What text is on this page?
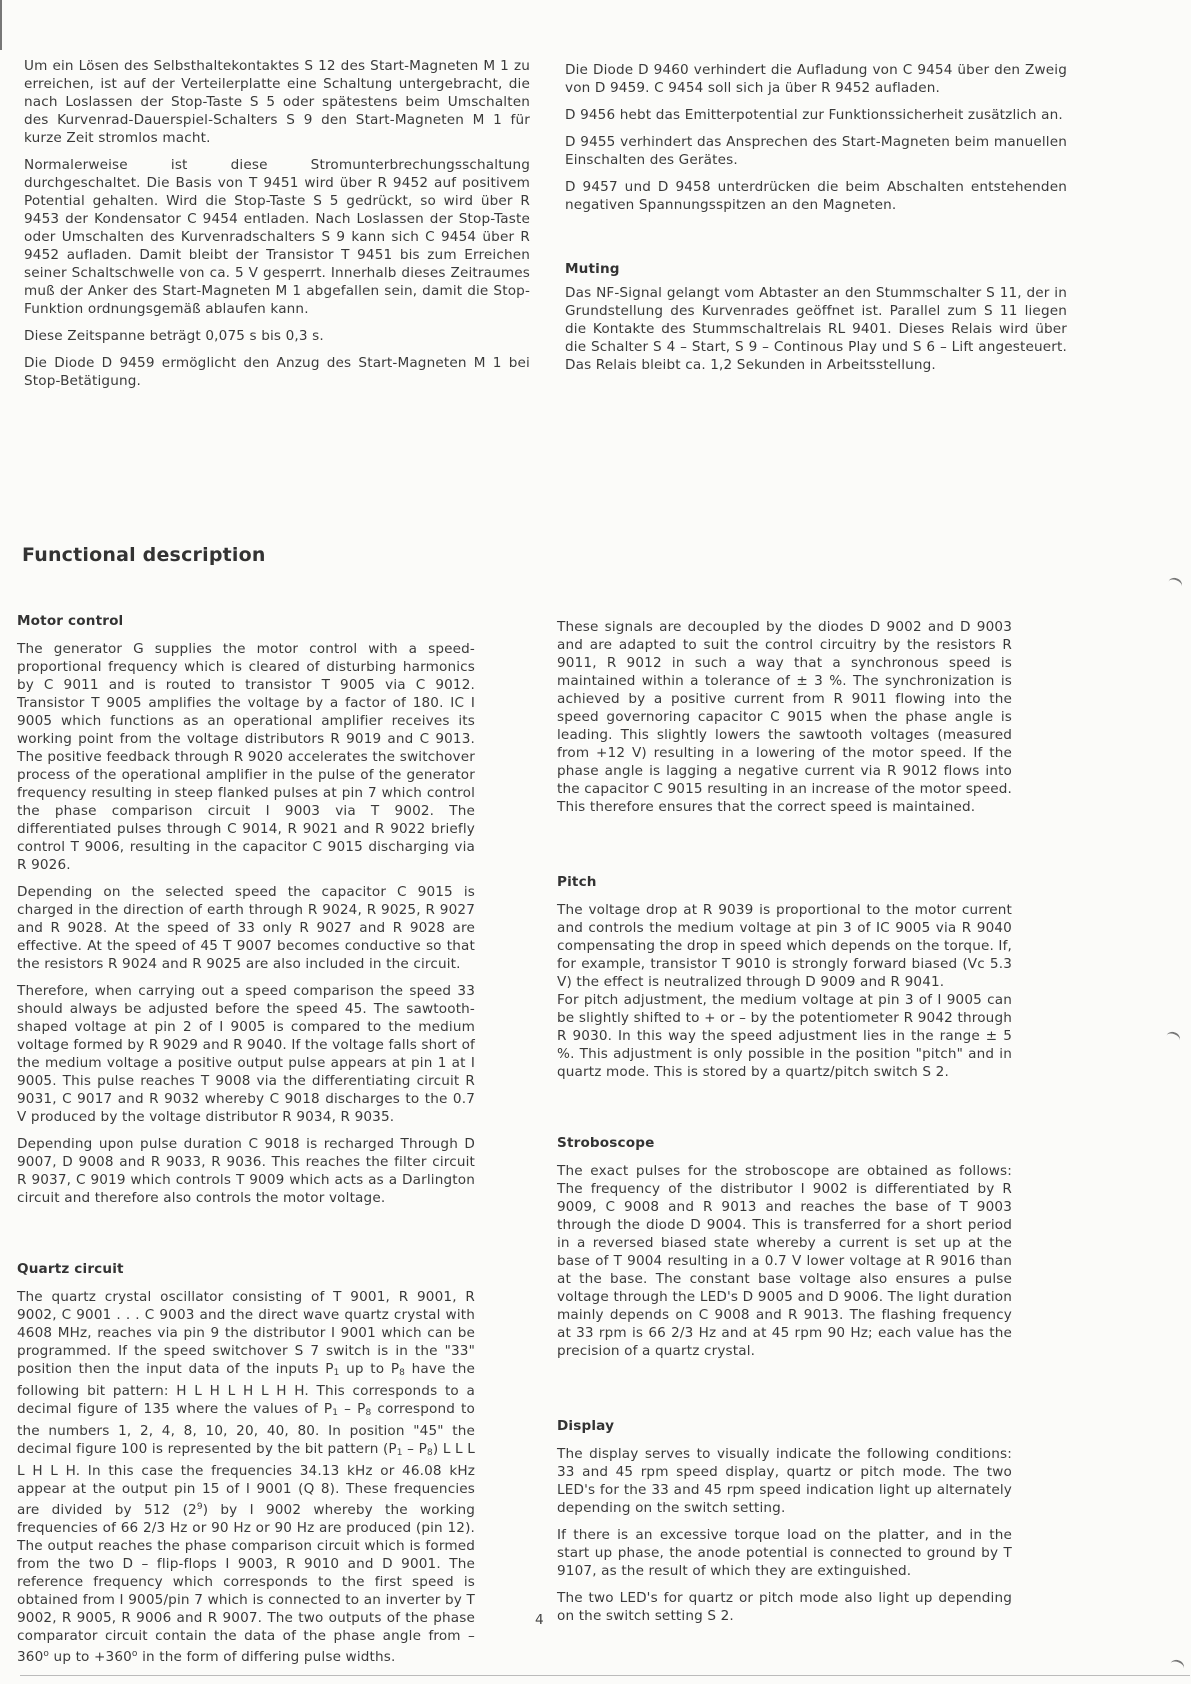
Um ein Lösen des Selbsthaltekontaktes S 12 des Start-Magneten M 1 zu erreichen, ist auf der Verteilerplatte eine Schaltung untergebracht, die nach Loslassen der Stop-Taste S 5 oder spätestens beim Umschalten des Kurvenrad-Dauerspiel-Schalters S 9 den Start-Magneten M 1 für kurze Zeit stromlos macht.

Normalerweise ist diese Stromunterbrechungsschaltung durchgeschaltet. Die Basis von T 9451 wird über R 9452 auf positivem Potential gehalten. Wird die Stop-Taste S 5 gedrückt, so wird über R 9453 der Kondensator C 9454 entladen. Nach Loslassen der Stop-Taste oder Umschalten des Kurvenradschalters S 9 kann sich C 9454 über R 9452 aufladen. Damit bleibt der Transistor T 9451 bis zum Erreichen seiner Schaltschwelle von ca. 5 V gesperrt. Innerhalb dieses Zeitraumes muß der Anker des Start-Magneten M 1 abgefallen sein, damit die Stop-Funktion ordnungsgemäß ablaufen kann.

Diese Zeitspanne beträgt 0,075 s bis 0,3 s.

Die Diode D 9459 ermöglicht den Anzug des Start-Magneten M 1 bei Stop-Betätigung.

Die Diode D 9460 verhindert die Aufladung von C 9454 über den Zweig von D 9459. C 9454 soll sich ja über R 9452 aufladen.

D 9456 hebt das Emitterpotential zur Funktionssicherheit zusätzlich an.

D 9455 verhindert das Ansprechen des Start-Magneten beim manuellen Einschalten des Gerätes.

D 9457 und D 9458 unterdrücken die beim Abschalten entstehenden negativen Spannungsspitzen an den Magneten.

Muting

Das NF-Signal gelangt vom Abtaster an den Stummschalter S 11, der in Grundstellung des Kurvenrades geöffnet ist. Parallel zum S 11 liegen die Kontakte des Stummschaltrelais RL 9401. Dieses Relais wird über die Schalter S 4 – Start, S 9 – Continous Play und S 6 – Lift angesteuert. Das Relais bleibt ca. 1,2 Sekunden in Arbeitsstellung.

Functional description
Motor control

The generator G supplies the motor control with a speed-proportional frequency which is cleared of disturbing harmonics by C 9011 and is routed to transistor T 9005 via C 9012. Transistor T 9005 amplifies the voltage by a factor of 180. IC I 9005 which functions as an operational amplifier receives its working point from the voltage distributors R 9019 and C 9013. The positive feedback through R 9020 accelerates the switchover process of the operational amplifier in the pulse of the generator frequency resulting in steep flanked pulses at pin 7 which control the phase comparison circuit I 9003 via T 9002. The differentiated pulses through C 9014, R 9021 and R 9022 briefly control T 9006, resulting in the capacitor C 9015 discharging via R 9026.

Depending on the selected speed the capacitor C 9015 is charged in the direction of earth through R 9024, R 9025, R 9027 and R 9028. At the speed of 33 only R 9027 and R 9028 are effective. At the speed of 45 T 9007 becomes conductive so that the resistors R 9024 and R 9025 are also included in the circuit.

Therefore, when carrying out a speed comparison the speed 33 should always be adjusted before the speed 45. The sawtooth-shaped voltage at pin 2 of I 9005 is compared to the medium voltage formed by R 9029 and R 9040. If the voltage falls short of the medium voltage a positive output pulse appears at pin 1 at I 9005. This pulse reaches T 9008 via the differentiating circuit R 9031, C 9017 and R 9032 whereby C 9018 discharges to the 0.7 V produced by the voltage distributor R 9034, R 9035.

Depending upon pulse duration C 9018 is recharged Through D 9007, D 9008 and R 9033, R 9036. This reaches the filter circuit R 9037, C 9019 which controls T 9009 which acts as a Darlington circuit and therefore also controls the motor voltage.

Quartz circuit

The quartz crystal oscillator consisting of T 9001, R 9001, R 9002, C 9001 . . . C 9003 and the direct wave quartz crystal with 4608 MHz, reaches via pin 9 the distributor I 9001 which can be programmed. If the speed switchover S 7 switch is in the "33" position then the input data of the inputs $P_1$ up to $P_8$ have the following bit pattern: H L H L H L H H. This corresponds to a decimal figure of 135 where the values of $P_1 - P_8$ correspond to the numbers 1, 2, 4, 8, 10, 20, 40, 80. In position "45" the decimal figure 100 is represented by the bit pattern $(P_1 - P_8)$ L L L L H L H. In this case the frequencies 34.13 kHz or 46.08 kHz appear at the output pin 15 of I 9001 (Q 8). These frequencies are divided by 512 $(2^9)$ by I 9002 whereby the working frequencies of 66 2/3 Hz or 90 Hz or 90 Hz are produced (pin 12). The output reaches the phase comparison circuit which is formed from the two D – flip-flops I 9003, R 9010 and D 9001. The reference frequency which corresponds to the first speed is obtained from I 9005/pin 7 which is connected to an inverter by T 9002, R 9005, R 9006 and R 9007. The two outputs of the phase comparator circuit contain the data of the phase angle from –360$^o$ up to $+360^o$ in the form of differing pulse widths.

These signals are decoupled by the diodes D 9002 and D 9003 and are adapted to suit the control circuitry by the resistors R 9011, R 9012 in such a way that a synchronous speed is maintained within a tolerance of ± 3 %. The synchronization is achieved by a positive current from R 9011 flowing into the speed governoring capacitor C 9015 when the phase angle is leading. This slightly lowers the sawtooth voltages (measured from +12 V) resulting in a lowering of the motor speed. If the phase angle is lagging a negative current via R 9012 flows into the capacitor C 9015 resulting in an increase of the motor speed. This therefore ensures that the correct speed is maintained.

Pitch

The voltage drop at R 9039 is proportional to the motor current and controls the medium voltage at pin 3 of IC 9005 via R 9040 compensating the drop in speed which depends on the torque. If, for example, transistor T 9010 is strongly forward biased (Vc 5.3 V) the effect is neutralized through D 9009 and R 9041.

For pitch adjustment, the medium voltage at pin 3 of I 9005 can be slightly shifted to + or – by the potentiometer R 9042 through R 9030. In this way the speed adjustment lies in the range ± 5 %. This adjustment is only possible in the position "pitch" and in quartz mode. This is stored by a quartz/pitch switch S 2.

Stroboscope

The exact pulses for the stroboscope are obtained as follows: The frequency of the distributor I 9002 is differentiated by R 9009, C 9008 and R 9013 and reaches the base of T 9003 through the diode D 9004. This is transferred for a short period in a reversed biased state whereby a current is set up at the base of T 9004 resulting in a 0.7 V lower voltage at R 9016 than at the base. The constant base voltage also ensures a pulse voltage through the LED's D 9005 and D 9006. The light duration mainly depends on C 9008 and R 9013. The flashing frequency at 33 rpm is 66 2/3 Hz and at 45 rpm 90 Hz; each value has the precision of a quartz crystal.

Display

The display serves to visually indicate the following conditions: 33 and 45 rpm speed display, quartz or pitch mode. The two LED's for the 33 and 45 rpm speed indication light up alternately depending on the switch setting.

If there is an excessive torque load on the platter, and in the start up phase, the anode potential is connected to ground by T 9107, as the result of which they are extinguished.

The two LED's for quartz or pitch mode also light up depending on the switch setting S 2.

4
